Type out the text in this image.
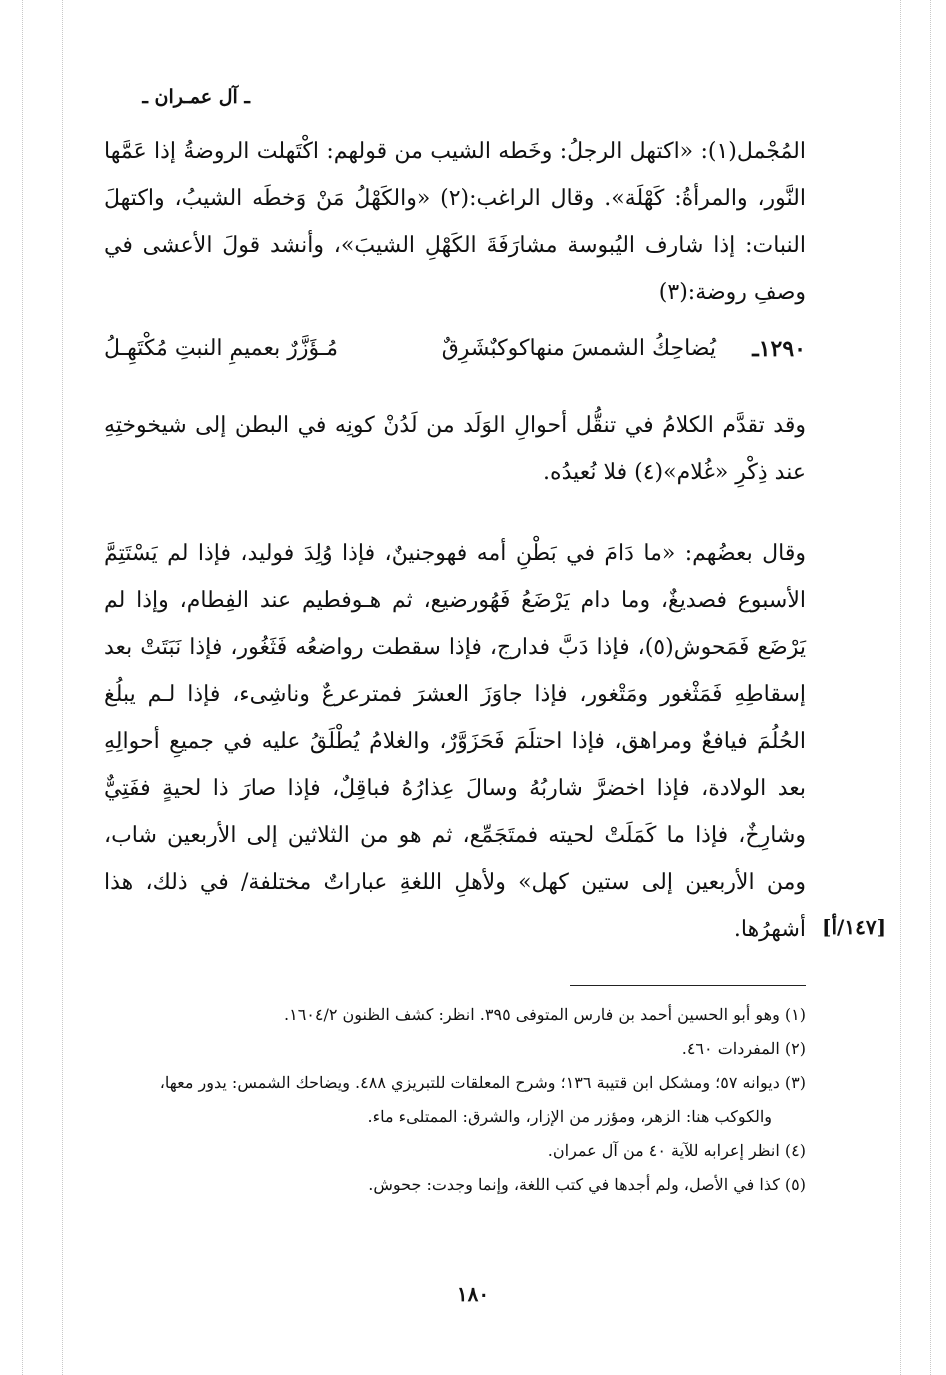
ـ آل عمـران ـ

المُجْمل(١): «اكتهل الرجلُ: وخَطه الشيب من قولهم: اكْتَهلت الروضةُ إذا عَمَّها النَّور، والمرأةُ: كَهْلَة». وقال الراغب:(٢) «والكَهْلُ مَنْ وَخطَه الشيبُ، واكتهلَ النبات: إذا شارف اليُبوسة مشارَفَةَ الكَهْلِ الشيبَ»، وأنشد قولَ الأعشى في وصفِ روضة:(٣)

١٢٩٠ـ
يُضاحِكُ الشمسَ منهاكوكبٌشَرِقٌ
مُـؤَزَّرٌ بعميمِ النبتِ مُكْتَهِـلُ

وقد تقدَّم الكلامُ في تنقُّل أحوالِ الوَلَد من لَدُنْ كونِه في البطن إلى شيخوختِهِ عند ذِكْرِ «غُلام»(٤) فلا نُعيدُه.

وقال بعضُهم: «ما دَامَ في بَطْنِ أمه فهوجنينٌ، فإذا وُلِدَ فوليد، فإذا لم يَسْتَتِمَّ الأسبوع فصديغٌ، وما دام يَرْضَعُ فَهُورضيع، ثم هـوفطيم عند الفِطام، وإذا لم يَرْضَع فَمَحوش(٥)، فإذا دَبَّ فدارج، فإذا سقطت رواضعُه فَثَغُور، فإذا نَبَتَتْ بعد إسقاطِهِ فَمَثْغور ومَتْغور، فإذا جاوَزَ العشرَ فمترعرعٌ وناشِىء، فإذا لـم يبلُغ الحُلُمَ فيافعٌ ومراهق، فإذا احتلَمَ فَحَزَوَّرٌ، والغلامُ يُطْلَقُ عليه في جميعِ أحوالِهِ بعد الولادة، فإذا اخضرَّ شاربُهُ وسالَ عِذارُهُ فباقِلٌ، فإذا صارَ ذا لحيةٍ ففَتِيٌّ وشارِخٌ، فإذا ما كَمَلَتْ لحيته فمتَجَمِّع، ثم هو من الثلاثين إلى الأربعين شاب، ومن الأربعين إلى ستين كهل» ولأهلِ اللغةِ عباراتٌ مختلفة/ في ذلك، هذا أشهرُها. [١٤٧/أ]

(١) وهو أبو الحسين أحمد بن فارس المتوفى ٣٩٥. انظر: كشف الظنون ١٦٠٤/٢.

(٢) المفردات ٤٦٠.

(٣) ديوانه ٥٧؛ ومشكل ابن قتيبة ١٣٦؛ وشرح المعلقات للتبريزي ٤٨٨. ويضاحك الشمس: يدور معها، والكوكب هنا: الزهر، ومؤزر من الإزار، والشرق: الممتلىء ماء.

(٤) انظر إعرابه للآية ٤٠ من آل عمران.

(٥) كذا في الأصل، ولم أجدها في كتب اللغة، وإنما وجدت: جحوش.

١٨٠
